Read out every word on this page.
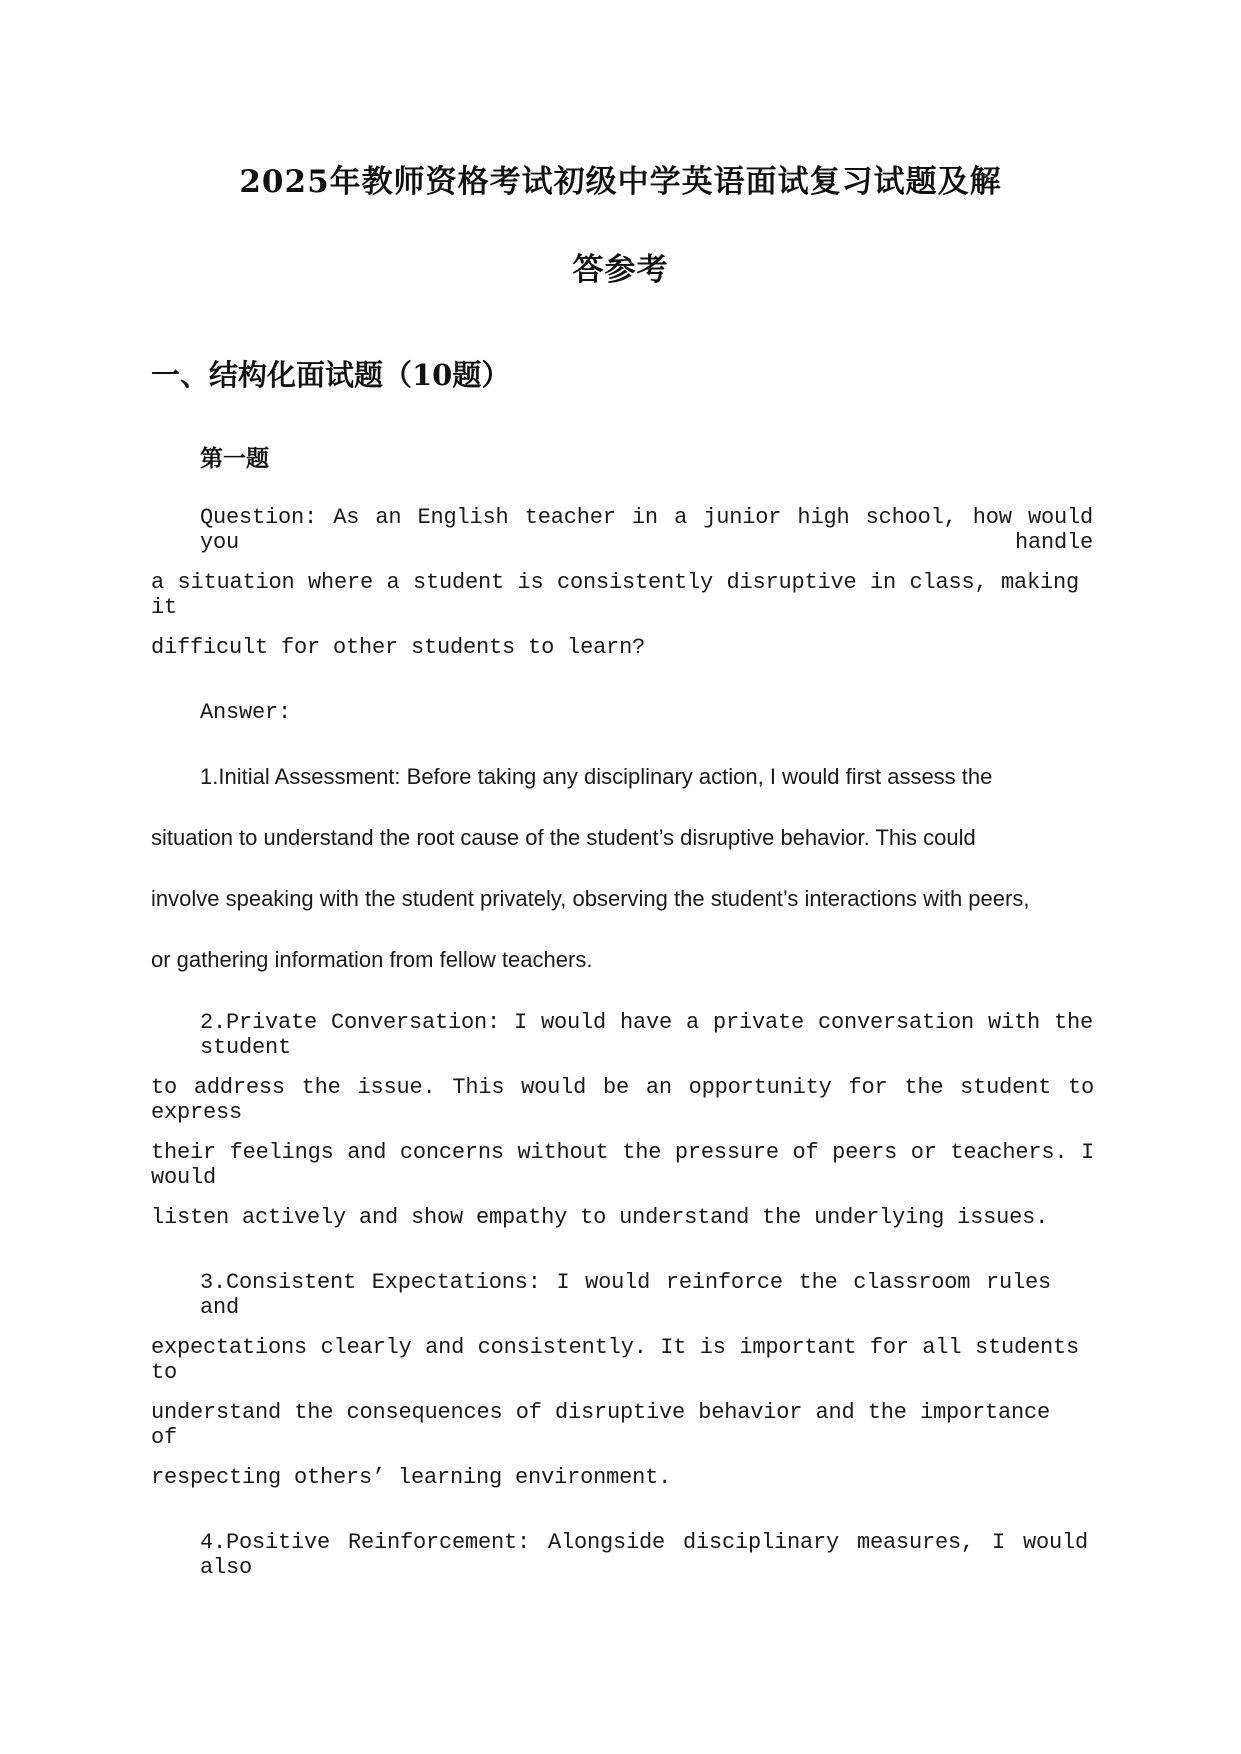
2025年教师资格考试初级中学英语面试复习试题及解
答参考
一、结构化面试题（10题）
第一题
Question: As an English teacher in a junior high school, how would you handle
a situation where a student is consistently disruptive in class, making it
difficult for other students to learn?
Answer:
1.Initial Assessment: Before taking any disciplinary action, I would first assess the
situation to understand the root cause of the student’s disruptive behavior. This could
involve speaking with the student privately, observing the student’s interactions with peers,
or gathering information from fellow teachers.
2.Private Conversation: I would have a private conversation with the student
to address the issue. This would be an opportunity for the student to express
their feelings and concerns without the pressure of peers or teachers. I would
listen actively and show empathy to understand the underlying issues.
3.Consistent Expectations: I would reinforce the classroom rules and
expectations clearly and consistently. It is important for all students to
understand the consequences of disruptive behavior and the importance of
respecting others’ learning environment.
4.Positive Reinforcement: Alongside disciplinary measures, I would also
